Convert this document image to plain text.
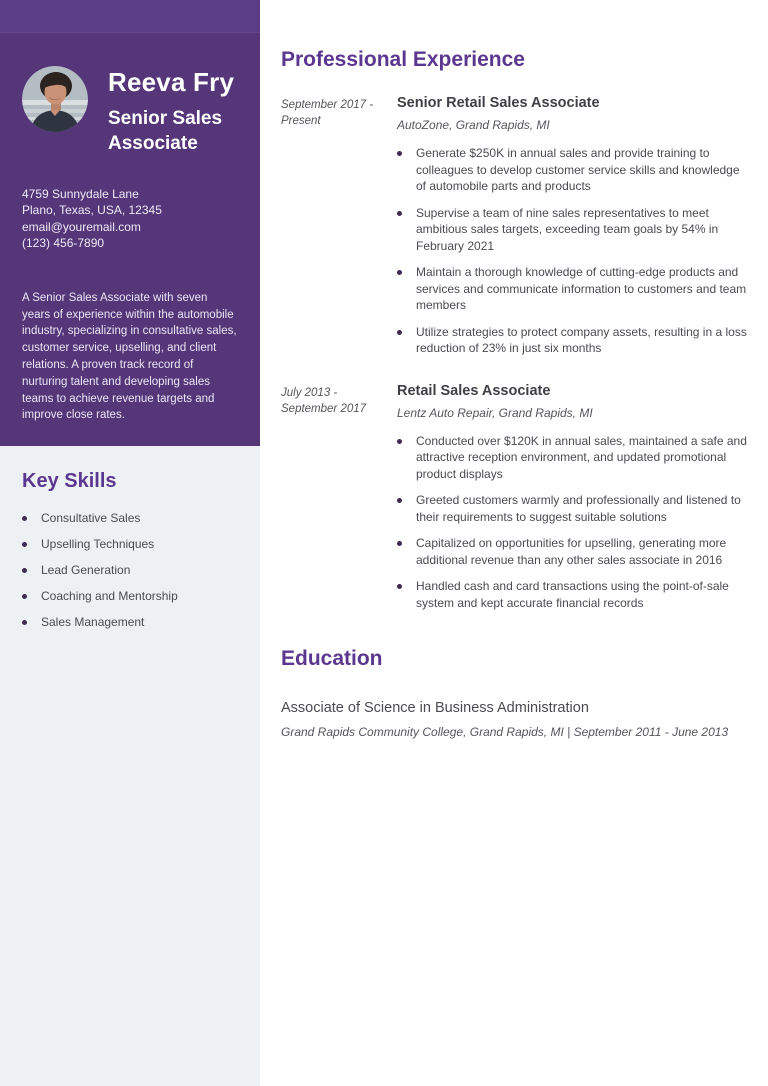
Reeva Fry
Senior Sales Associate
4759 Sunnydale Lane
Plano, Texas, USA, 12345
email@youremail.com
(123) 456-7890

A Senior Sales Associate with seven years of experience within the automobile industry, specializing in consultative sales, customer service, upselling, and client relations. A proven track record of nurturing talent and developing sales teams to achieve revenue targets and improve close rates.

Key Skills
Consultative Sales
Upselling Techniques
Lead Generation
Coaching and Mentorship
Sales Management
Professional Experience
September 2017 - Present
Senior Retail Sales Associate
AutoZone, Grand Rapids, MI
Generate $250K in annual sales and provide training to colleagues to develop customer service skills and knowledge of automobile parts and products
Supervise a team of nine sales representatives to meet ambitious sales targets, exceeding team goals by 54% in February 2021
Maintain a thorough knowledge of cutting-edge products and services and communicate information to customers and team members
Utilize strategies to protect company assets, resulting in a loss reduction of 23% in just six months
July 2013 - September 2017
Retail Sales Associate
Lentz Auto Repair, Grand Rapids, MI
Conducted over $120K in annual sales, maintained a safe and attractive reception environment, and updated promotional product displays
Greeted customers warmly and professionally and listened to their requirements to suggest suitable solutions
Capitalized on opportunities for upselling, generating more additional revenue than any other sales associate in 2016
Handled cash and card transactions using the point-of-sale system and kept accurate financial records
Education
Associate of Science in Business Administration
Grand Rapids Community College, Grand Rapids, MI | September 2011 - June 2013
